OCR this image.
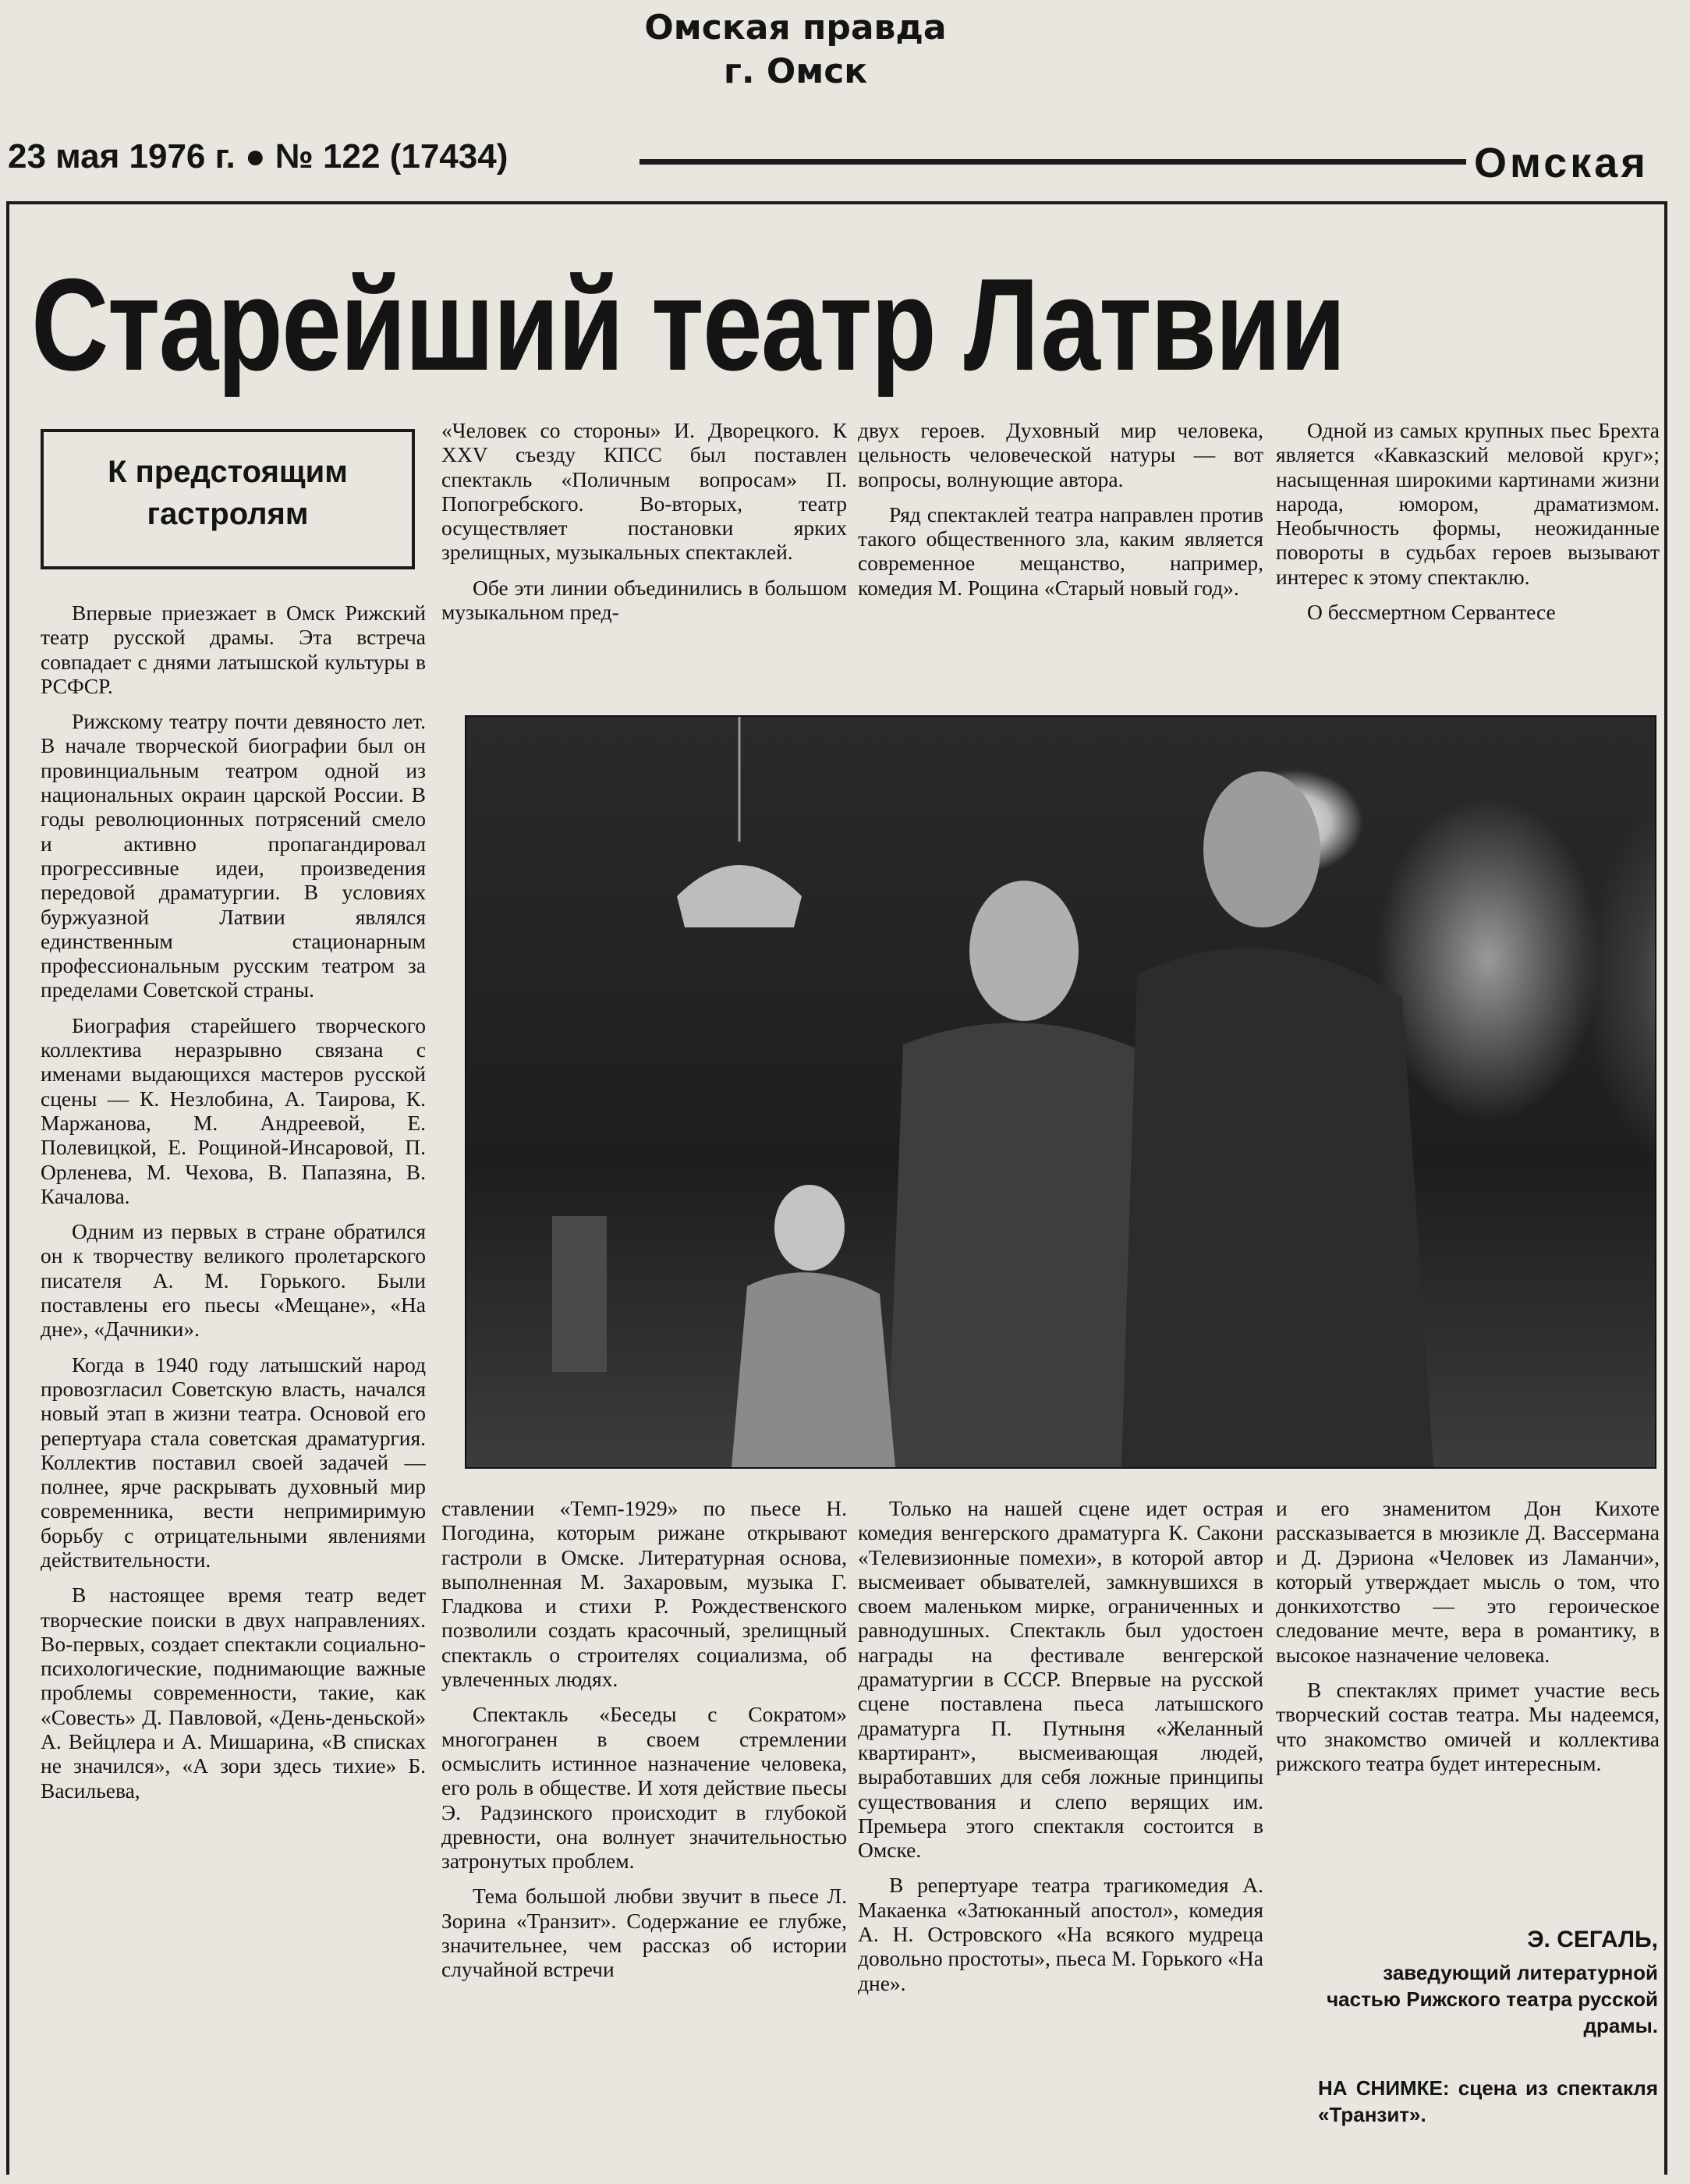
Омская правда
г. Омск
23 мая 1976 г. ● № 122 (17434)	Омская
Старейший театр Латвии
К предстоящим гастролям

Впервые приезжает в Омск Рижский театр русской драмы. Эта встреча совпадает с днями латышской культуры в РСФСР.

Рижскому театру почти девяносто лет. В начале творческой биографии был он провинциальным театром одной из национальных окраин царской России. В годы революционных потрясений смело и активно пропагандировал прогрессивные идеи, произведения передовой драматургии. В условиях буржуазной Латвии являлся единственным стационарным профессиональным русским театром за пределами Советской страны.

Биография старейшего творческого коллектива неразрывно связана с именами выдающихся мастеров русской сцены — К. Незлобина, А. Таирова, К. Маржанова, М. Андреевой, Е. Полевицкой, Е. Рощиной-Инсаровой, П. Орленева, М. Чехова, В. Папазяна, В. Качалова.

Одним из первых в стране обратился он к творчеству великого пролетарского писателя А. М. Горького. Были поставлены его пьесы «Мещане», «На дне», «Дачники».

Когда в 1940 году латышский народ провозгласил Советскую власть, начался новый этап в жизни театра. Основой его репертуара стала советская драматургия. Коллектив поставил своей задачей — полнее, ярче раскрывать духовный мир современника, вести непримиримую борьбу с отрицательными явлениями действительности.

В настоящее время театр ведет творческие поиски в двух направлениях. Во-первых, создает спектакли социально-психологические, поднимающие важные проблемы современности, такие, как «Совесть» Д. Павловой, «День-деньской» А. Вейцлера и А. Мишарина, «В списках не значился», «А зори здесь тихие» Б. Васильева,

«Человек со стороны» И. Дворецкого. К XXV съезду КПСС был поставлен спектакль «Поличным вопросам» П. Попогребского. Во-вторых, театр осуществляет постановки ярких зрелищных, музыкальных спектаклей.

Обе эти линии объединились в большом музыкальном пред-

двух героев. Духовный мир человека, цельность человеческой натуры — вот вопросы, волнующие автора.

Ряд спектаклей театра направлен против такого общественного зла, каким является современное мещанство, например, комедия М. Рощина «Старый новый год».

Одной из самых крупных пьес Брехта является «Кавказский меловой круг»; насыщенная широкими картинами жизни народа, юмором, драматизмом. Необычность формы, неожиданные повороты в судьбах героев вызывают интерес к этому спектаклю.

О бессмертном Сервантесе

ставлении «Темп-1929» по пьесе Н. Погодина, которым рижане открывают гастроли в Омске. Литературная основа, выполненная М. Захаровым, музыка Г. Гладкова и стихи Р. Рождественского позволили создать красочный, зрелищный спектакль о строителях социализма, об увлеченных людях.

Спектакль «Беседы с Сократом» многогранен в своем стремлении осмыслить истинное назначение человека, его роль в обществе. И хотя действие пьесы Э. Радзинского происходит в глубокой древности, она волнует значительностью затронутых проблем.

Тема большой любви звучит в пьесе Л. Зорина «Транзит». Содержание ее глубже, значительнее, чем рассказ об истории случайной встречи

Только на нашей сцене идет острая комедия венгерского драматурга К. Сакони «Телевизионные помехи», в которой автор высмеивает обывателей, замкнувшихся в своем маленьком мирке, ограниченных и равнодушных. Спектакль был удостоен награды на фестивале венгерской драматургии в СССР. Впервые на русской сцене поставлена пьеса латышского драматурга П. Путныня «Желанный квартирант», высмеивающая людей, выработавших для себя ложные принципы существования и слепо верящих им. Премьера этого спектакля состоится в Омске.

В репертуаре театра трагикомедия А. Макаенка «Затюканный апостол», комедия А. Н. Островского «На всякого мудреца довольно простоты», пьеса М. Горького «На дне».

и его знаменитом Дон Кихоте рассказывается в мюзикле Д. Вассермана и Д. Дэриона «Человек из Ламанчи», который утверждает мысль о том, что донкихотство — это героическое следование мечте, вера в романтику, в высокое назначение человека.

В спектаклях примет участие весь творческий состав театра. Мы надеемся, что знакомство омичей и коллектива рижского театра будет интересным.

Э. СЕГАЛЬ,
заведующий литературной частью Рижского театра русской драмы.
НА СНИМКЕ: сцена из спектакля «Транзит».
